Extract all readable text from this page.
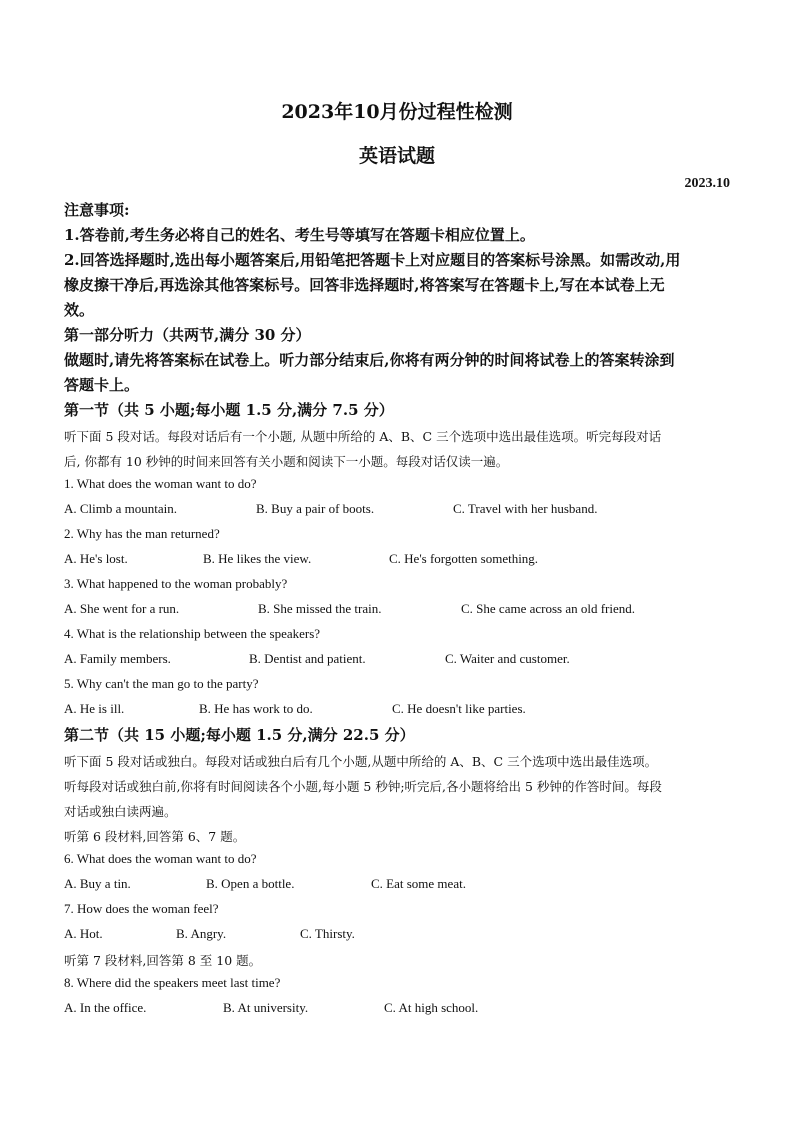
2023年10月份过程性检测
英语试题
2023.10
注意事项:
1.答卷前,考生务必将自己的姓名、考生号等填写在答题卡相应位置上。
2.回答选择题时,选出每小题答案后,用铅笔把答题卡上对应题目的答案标号涂黑。如需改动,用
橡皮擦干净后,再选涂其他答案标号。回答非选择题时,将答案写在答题卡上,写在本试卷上无
效。
第一部分听力（共两节,满分 30 分）
做题时,请先将答案标在试卷上。听力部分结束后,你将有两分钟的时间将试卷上的答案转涂到
答题卡上。
第一节（共 5 小题;每小题 1.5 分,满分 7.5 分）
听下面 5 段对话。每段对话后有一个小题, 从题中所给的 A、B、C 三个选项中选出最佳选项。听完每段对话
后, 你都有 10 秒钟的时间来回答有关小题和阅读下一小题。每段对话仅读一遍。
1. What does the woman want to do?
A. Climb a mountain.	B. Buy a pair of boots.	C. Travel with her husband.
2. Why has the man returned?
A. He's lost.	B. He likes the view.	C. He's forgotten something.
3. What happened to the woman probably?
A. She went for a run.	B. She missed the train.	C. She came across an old friend.
4. What is the relationship between the speakers?
A. Family members.	B. Dentist and patient.	C. Waiter and customer.
5. Why can't the man go to the party?
A. He is ill.	B. He has work to do.	C. He doesn't like parties.
第二节（共 15 小题;每小题 1.5 分,满分 22.5 分）
听下面 5 段对话或独白。每段对话或独白后有几个小题,从题中所给的 A、B、C 三个选项中选出最佳选项。
听每段对话或独白前,你将有时间阅读各个小题,每小题 5 秒钟;听完后,各小题将给出 5 秒钟的作答时间。每段
对话或独白读两遍。
听第 6 段材料,回答第 6、7 题。
6. What does the woman want to do?
A. Buy a tin.	B. Open a bottle.	C. Eat some meat.
7. How does the woman feel?
A. Hot.	B. Angry.	C. Thirsty.
听第 7 段材料,回答第 8 至 10 题。
8. Where did the speakers meet last time?
A. In the office.	B. At university.	C. At high school.
